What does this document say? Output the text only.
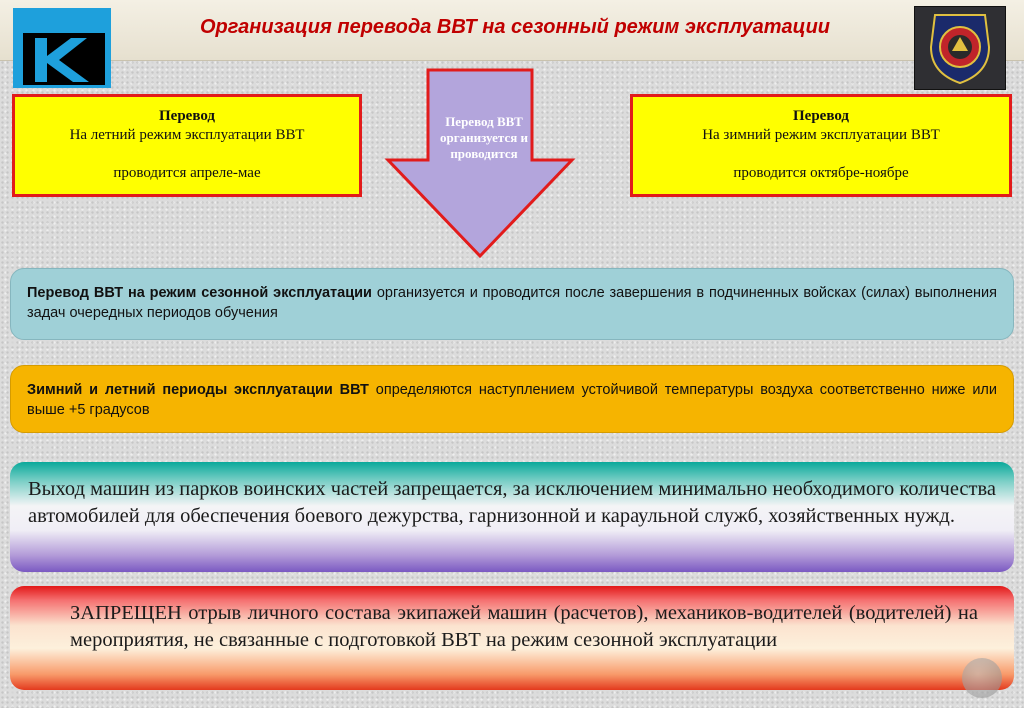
Организация перевода ВВТ на сезонный режим эксплуатации
Перевод
На летний режим эксплуатации ВВТ
проводится апреле-мае
Перевод
На зимний режим эксплуатации ВВТ
проводится октябре-ноябре
Перевод ВВТ организуется и проводится
Перевод ВВТ на режим сезонной эксплуатации организуется и проводится после завершения в подчиненных войсках (силах) выполнения задач очередных периодов обучения
Зимний и летний периоды эксплуатации ВВТ определяются наступлением устойчивой температуры воздуха соответственно ниже или выше +5 градусов
Выход машин из парков воинских частей запрещается, за исключением минимально необходимого количества автомобилей для обеспечения боевого дежурства, гарнизонной и караульной служб, хозяйственных нужд.
ЗАПРЕЩЕН отрыв личного состава экипажей машин (расчетов), механиков-водителей (водителей) на мероприятия, не связанные с подготовкой ВВТ на режим сезонной эксплуатации
